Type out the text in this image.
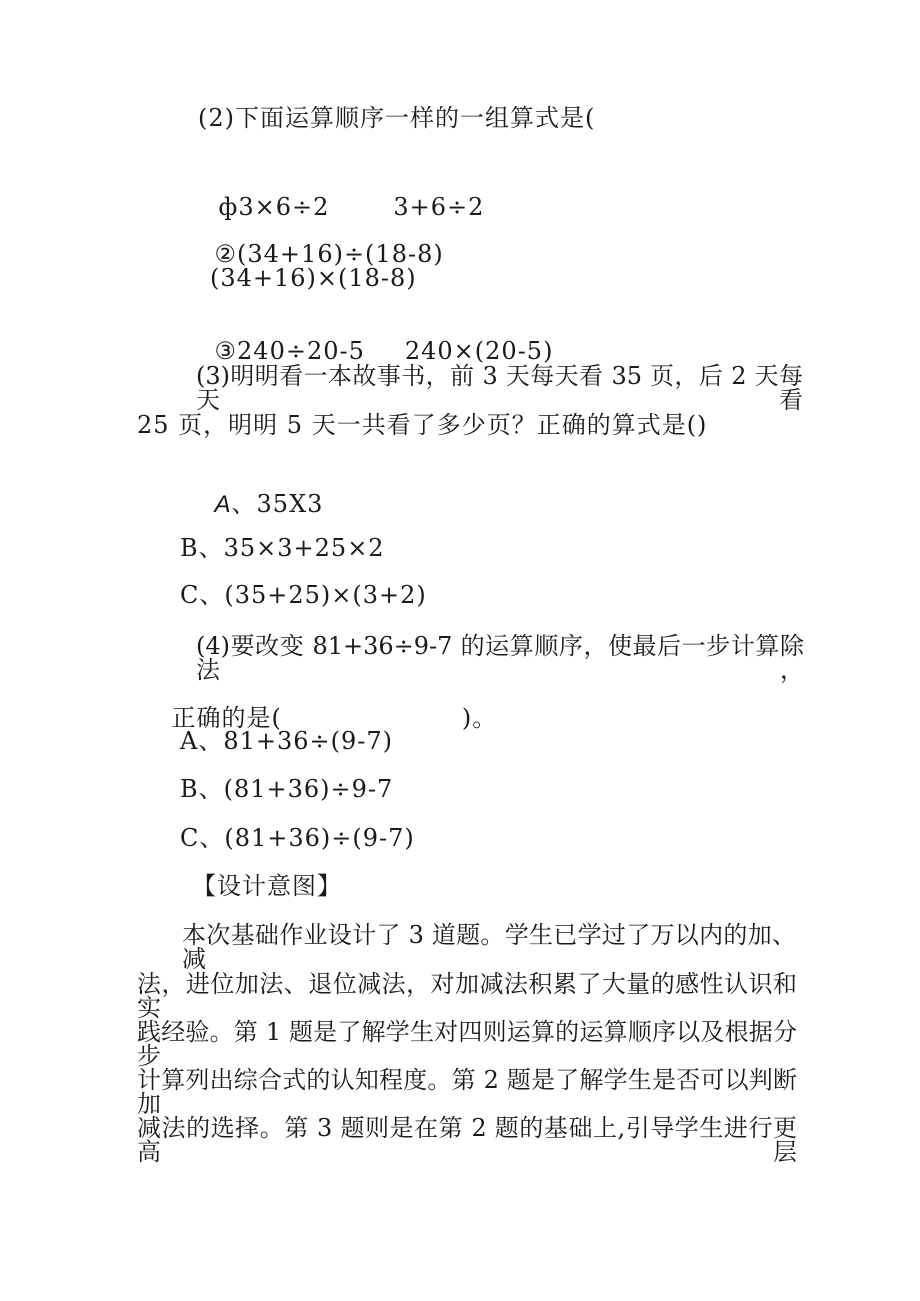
(2)下面运算顺序一样的一组算式是(

ф3×6÷2	3+6÷2

②(34+16)÷(18-8)

(34+16)×(18-8)

③240÷20-5 240×(20-5)

(3)明明看一本故事书，前 3 天每天看 35 页，后 2 天每天看
25 页，明明 5 天一共看了多少页？正确的算式是()

A、35X3

B、35×3+25×2
C、(35+25)×(3+2)
(4)要改变 81+36÷9-7 的运算顺序，使最后一步计算除法，

正确的是(	)。

A、81+36÷(9-7)
B、(81+36)÷9-7
C、(81+36)÷(9-7)
【设计意图】
本次基础作业设计了 3 道题。学生已学过了万以内的加、减
法，进位加法、退位减法，对加减法积累了大量的感性认识和实
践经验。第 1 题是了解学生对四则运算的运算顺序以及根据分步
计算列出综合式的认知程度。第 2 题是了解学生是否可以判断加
减法的选择。第 3 题则是在第 2 题的基础上,引导学生进行更高层
